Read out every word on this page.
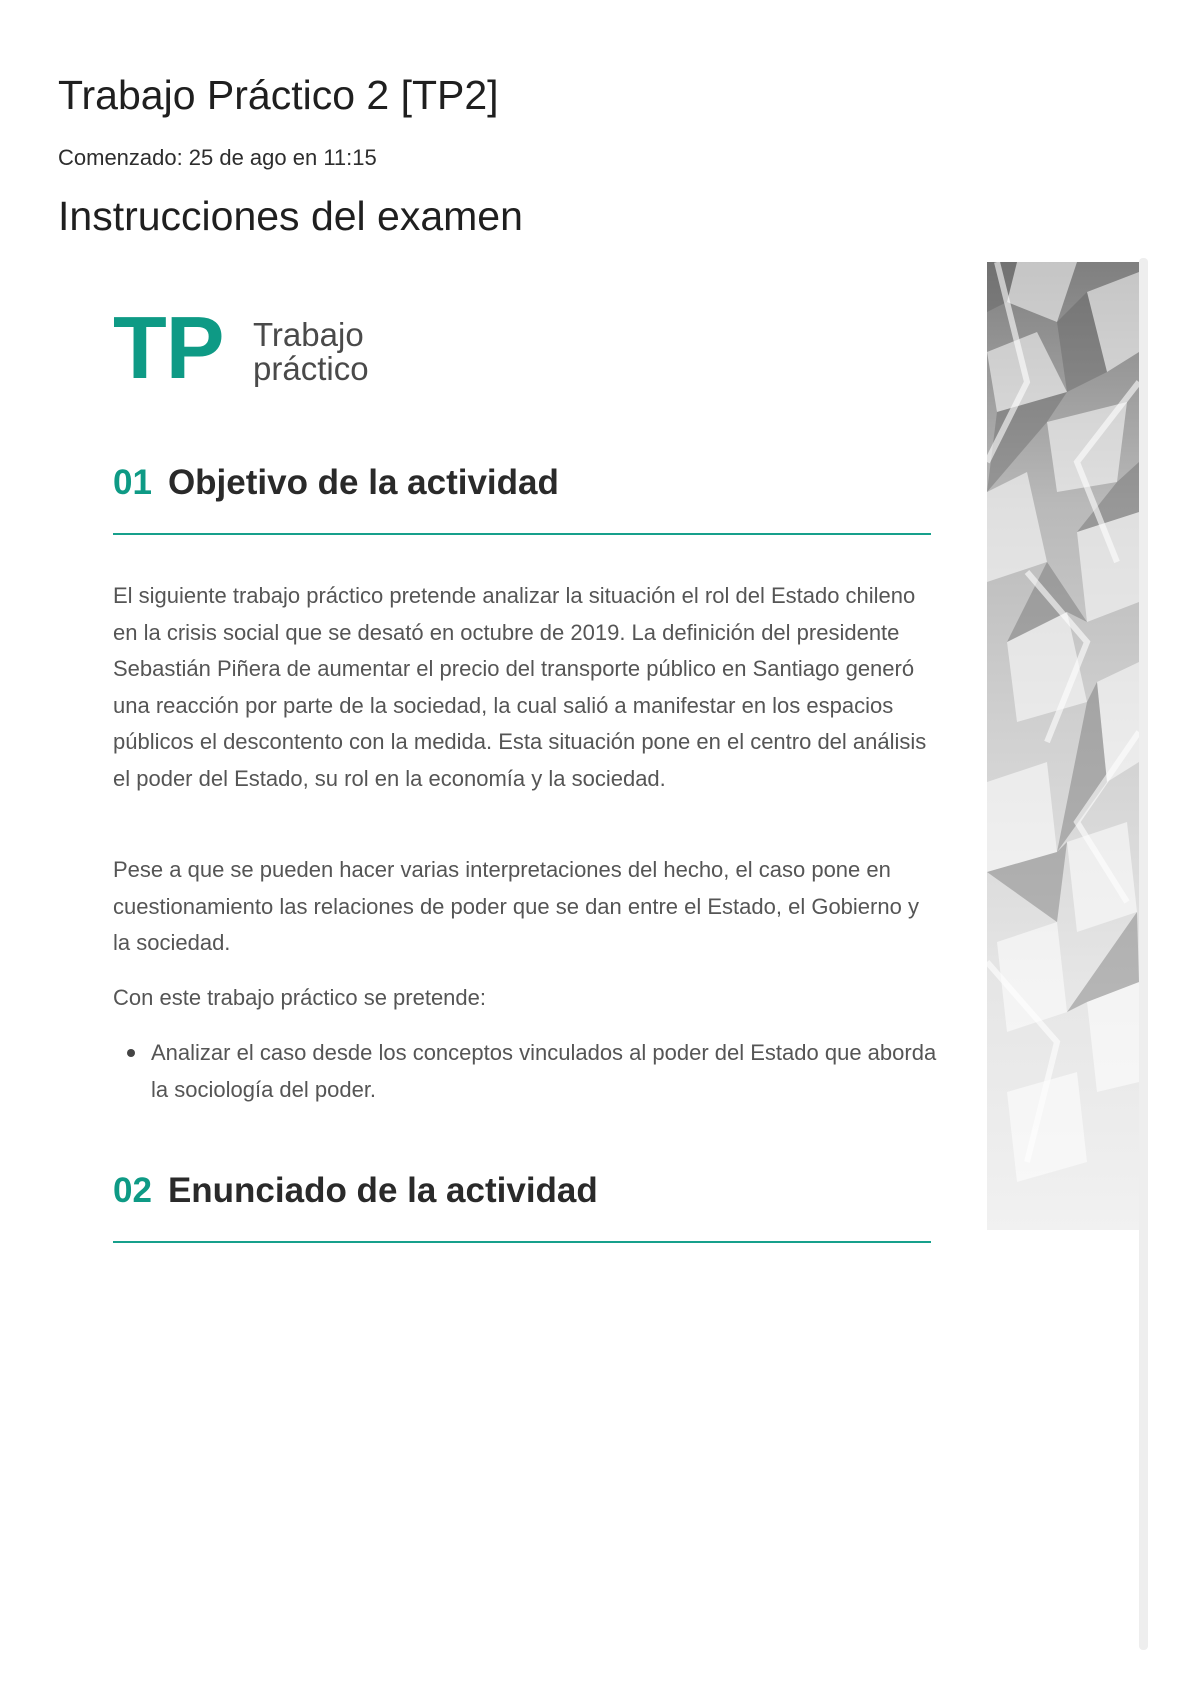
Trabajo Práctico 2 [TP2]
Comenzado: 25 de ago en 11:15
Instrucciones del examen
TP Trabajo
práctico
01 Objetivo de la actividad

El siguiente trabajo práctico pretende analizar la situación el rol del Estado chileno en la crisis social que se desató en octubre de 2019. La definición del presidente Sebastián Piñera de aumentar el precio del transporte público en Santiago generó una reacción por parte de la sociedad, la cual salió a manifestar en los espacios públicos el descontento con la medida. Esta situación pone en el centro del análisis el poder del Estado, su rol en la economía y la sociedad.

Pese a que se pueden hacer varias interpretaciones del hecho, el caso pone en cuestionamiento las relaciones de poder que se dan entre el Estado, el Gobierno y la sociedad.

Con este trabajo práctico se pretende:

Analizar el caso desde los conceptos vinculados al poder del Estado que aborda la sociología del poder.
02 Enunciado de la actividad
